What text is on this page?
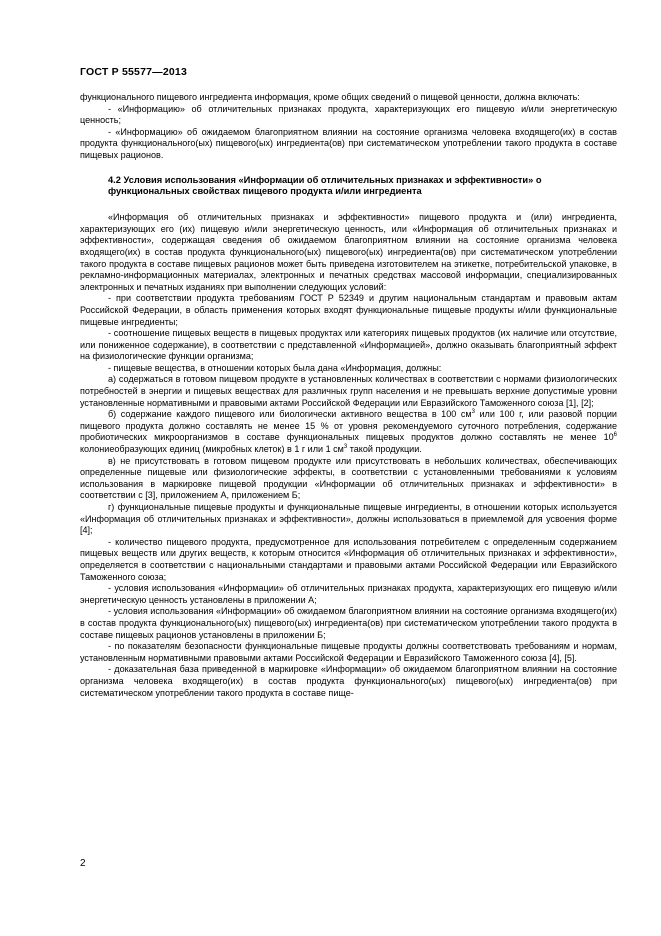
ГОСТ Р 55577—2013

функционального пищевого ингредиента информация, кроме общих сведений о пищевой ценности, должна включать:

- «Информацию» об отличительных признаках продукта, характеризующих его пищевую и/или энергетическую ценность;

- «Информацию» об ожидаемом благоприятном влиянии на состояние организма человека входящего(их) в состав продукта функционального(ых) пищевого(ых) ингредиента(ов) при систематическом употреблении такого продукта в составе пищевых рационов.

4.2 Условия использования «Информации об отличительных признаках и эффективности» о функциональных свойствах пищевого продукта и/или ингредиента

«Информация об отличительных признаках и эффективности» пищевого продукта и (или) ингредиента, характеризующих его (их) пищевую и/или энергетическую ценность, или «Информация об отличительных признаках и эффективности», содержащая сведения об ожидаемом благоприятном влиянии на состояние организма человека входящего(их) в состав продукта функционального(ых) пищевого(ых) ингредиента(ов) при систематическом употреблении такого продукта в составе пищевых рационов может быть приведена изготовителем на этикетке, потребительской упаковке, в рекламно-информационных материалах, электронных и печатных средствах массовой информации, специализированных электронных и печатных изданиях при выполнении следующих условий:

- при соответствии продукта требованиям ГОСТ Р 52349 и другим национальным стандартам и правовым актам Российской Федерации, в область применения которых входят функциональные пищевые продукты и/или функциональные пищевые ингредиенты;

- соотношение пищевых веществ в пищевых продуктах или категориях пищевых продуктов (их наличие или отсутствие, или пониженное содержание), в соответствии с представленной «Информацией», должно оказывать благоприятный эффект на физиологические функции организма;

- пищевые вещества, в отношении которых была дана «Информация, должны:

а) содержаться в готовом пищевом продукте в установленных количествах в соответствии с нормами физиологических потребностей в энергии и пищевых веществах для различных групп населения и не превышать верхние допустимые уровни установленные нормативными и правовыми актами Российской Федерации или Евразийского Таможенного союза [1], [2];

б) содержание каждого пищевого или биологически активного вещества в 100 $см^3$ или 100 г, или разовой порции пищевого продукта должно составлять не менее 15 % от уровня рекомендуемого суточного потребления, содержание пробиотических микроорганизмов в составе функциональных пищевых продуктов должно составлять не менее $10^6$ колониеобразующих единиц (микробных клеток) в 1 г или 1 $см^3$ такой продукции.

в) не присутствовать в готовом пищевом продукте или присутствовать в небольших количествах, обеспечивающих определенные пищевые или физиологические эффекты, в соответствии с установленными требованиями к условиям использования в маркировке пищевой продукции «Информации об отличительных признаках и эффективности» в соответствии с [3], приложением А, приложением Б;

г) функциональные пищевые продукты и функциональные пищевые ингредиенты, в отношении которых используется «Информация об отличительных признаках и эффективности», должны использоваться в приемлемой для усвоения форме [4];

- количество пищевого продукта, предусмотренное для использования потребителем с определенным содержанием пищевых веществ или других веществ, к которым относится «Информация об отличительных признаках и эффективности», определяется в соответствии с национальными стандартами и правовыми актами Российской Федерации или Евразийского Таможенного союза;

- условия использования «Информации» об отличительных признаках продукта, характеризующих его пищевую и/или энергетическую ценность установлены в приложении А;

- условия использования «Информации» об ожидаемом благоприятном влиянии на состояние организма входящего(их) в состав продукта функционального(ых) пищевого(ых) ингредиента(ов) при систематическом употреблении такого продукта в составе пищевых рационов установлены в приложении Б;

- по показателям безопасности функциональные пищевые продукты должны соответствовать требованиям и нормам, установленным нормативными правовыми актами Российской Федерации и Евразийского Таможенного союза [4], [5].

- доказательная база приведенной в маркировке «Информации» об ожидаемом благоприятном влиянии на состояние организма человека входящего(их) в состав продукта функционального(ых) пищевого(ых) ингредиента(ов) при систематическом употреблении такого продукта в составе пище-

2
